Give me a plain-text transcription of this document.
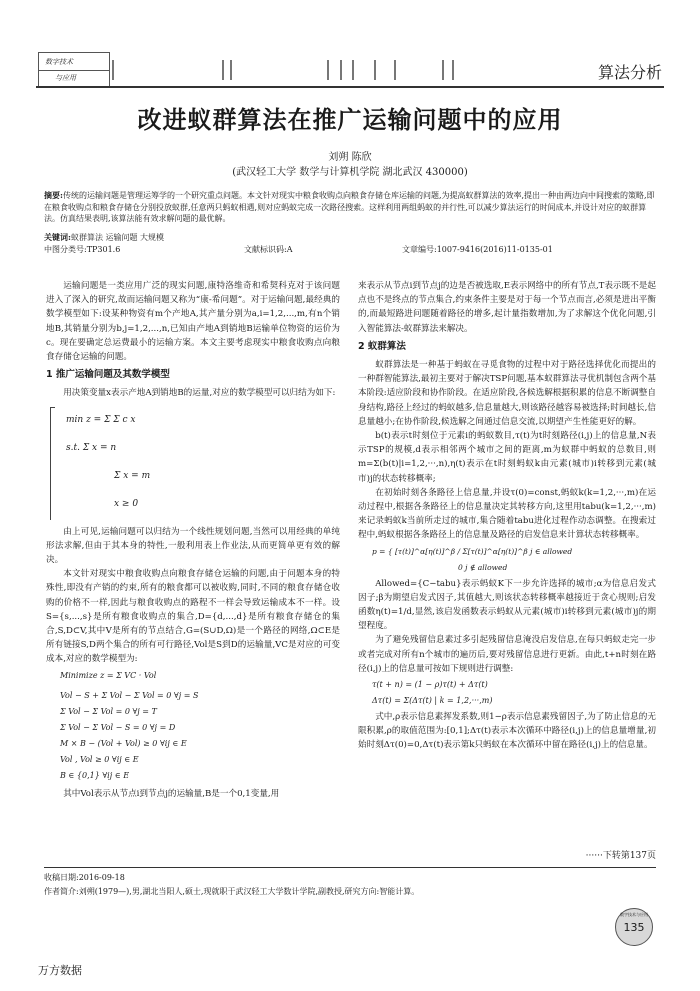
数字技术
与应用	算法分析
改进蚁群算法在推广运输问题中的应用
刘朔 陈欣
(武汉轻工大学 数学与计算机学院 湖北武汉 430000)
摘要:传统的运输问题是管理运筹学的一个研究重点问题。本文针对现实中粮食收购点向粮食存储仓库运输的问题,为提高蚁群算法的效率,提出一种由两边向中间搜索的策略,即在粮食收购点和粮食存储仓分别投放蚁群,任意两只蚂蚁相遇,则对应蚂蚁完成一次路径搜索。这样利用两组蚂蚁的并行性,可以减少算法运行的时间成本,并设计对应的蚁群算法。仿真结果表明,该算法能有效求解问题的最优解。
关键词:蚁群算法 运输问题 大规模
中图分类号:TP301.6	文献标识码:A	文章编号:1007-9416(2016)11-0135-01

运输问题是一类应用广泛的现实问题,康特洛维奇和希契科克对于该问题进入了深入的研究,故而运输问题又称为“康-希问题”。对于运输问题,最经典的数学模型如下:设某种物资有m个产地A,其产量分别为a,i=1,2,...,m,有n个销地B,其销量分别为b,j=1,2,...,n,已知由产地A到销地B运输单位物资的运价为c。现在要确定总运费最小的运输方案。本文主要考虑现实中粮食收购点向粮食存储仓运输的问题。

1 推广运输问题及其数学模型

用决策变量x表示产地A到销地B的运量,对应的数学模型可以归结为如下:

min z = Σ Σ c x
s.t. Σ x = n
Σ x = m
x ≥ 0

由上可见,运输问题可以归结为一个线性规划问题,当然可以用经典的单纯形法求解,但由于其本身的特性,一般利用表上作业法,从而更简单更有效的解决。

本文针对现实中粮食收购点向粮食存储仓运输的问题,由于问题本身的特殊性,即没有产销的约束,所有的粮食都可以被收购,同时,不同的粮食存储仓收购的价格不一样,因此与粮食收购点的路程不一样会导致运输成本不一样。设S={s,...,s}是所有粮食收购点的集合,D={d,...,d}是所有粮食存储仓的集合,S,D⊂V,其中V是所有的节点结合,G=(S∪D,Ω)是一个路径的网络,Ω⊂E是所有链接S,D两个集合的所有可行路径,Vol是S到D的运输量,VC是对应的可变成本,对应的数学模型为:

Minimize z = Σ VC · Vol
Vol − S + Σ Vol − Σ Vol = 0 ∀j = S
Σ Vol − Σ Vol = 0 ∀j = T
Σ Vol − Σ Vol − S = 0 ∀j = D
M × B − (Vol + Vol) ≥ 0 ∀ij ∈ E
Vol , Vol ≥ 0 ∀ij ∈ E
B ∈ {0,1} ∀ij ∈ E

其中Vol表示从节点i到节点j的运输量,B是一个0,1变量,用

来表示从节点i到节点j的边是否被选取,E表示网络中的所有节点,T表示既不是起点也不是终点的节点集合,约束条件主要是对于每一个节点而言,必须是进出平衡的,而最短路进问题随着路径的增多,起计量指数增加,为了求解这个优化问题,引入智能算法-蚁群算法来解决。

2 蚁群算法

蚁群算法是一种基于蚂蚁在寻觅食物的过程中对于路径选择优化而提出的一种群智能算法,最初主要对于解决TSP问题,基本蚁群算法寻优机制包含两个基本阶段:适应阶段和协作阶段。在适应阶段,各候选解根据积累的信息不断调整自身结构,路径上经过的蚂蚁越多,信息量越大,则该路径越容易被选择;时间越长,信息量越小;在协作阶段,候选解之间通过信息交流,以期望产生性能更好的解。

b(t)表示t时刻位于元素i的蚂蚁数目,τ(t)为t时刻路径(i,j)上的信息量,N表示TSP的规模,d表示相邻两个城市之间的距离,m为蚁群中蚂蚁的总数目,则m=Σ(b(t)|i=1,2,···,n),η(t)表示在t时刻蚂蚁k由元素(城市)i转移到元素(城市)j的状态转移概率;

在初始时刻各条路径上信息量,并设τ(0)=const,蚂蚁k(k=1,2,···,m)在运动过程中,根据各条路径上的信息量决定其转移方向,这里用tabu(k=1,2,···,m)来记录蚂蚁k当前所走过的城市,集合随着tabu进化过程作动态调整。在搜索过程中,蚂蚁根据各条路径上的信息量及路径的启发信息来计算状态转移概率。

p = { [τ(t)]^α[η(t)]^β / Σ[τ(t)]^α[η(t)]^β j ∈ allowed
0 j ∉ allowed

Allowed={C−tabu}表示蚂蚁K下一步允许选择的城市;α为信息启发式因子;β为期望启发式因子,其值越大,则该状态转移概率越接近于贪心规则;启发函数η(t)=1/d,显然,该启发函数表示蚂蚁从元素(城市)i转移到元素(城市)j的期望程度。

为了避免残留信息素过多引起残留信息淹没启发信息,在每只蚂蚁走完一步或者完成对所有n个城市的遍历后,要对残留信息进行更新。由此,t+n时刻在路径(i,j)上的信息量可按如下规则进行调整:

τ(t + n) = (1 − ρ)τ(t) + Δτ(t)
Δτ(t) = Σ(Δτ(t) | k = 1,2,···,m)

式中,ρ表示信息素挥发系数,则1−ρ表示信息素残留因子,为了防止信息的无限积累,ρ的取值范围为:[0,1];Δτ(t)表示本次循环中路径(i,j)上的信息量增量,初始时刻Δτ(0)=0,Δτ(t)表示第k只蚂蚁在本次循环中留在路径(i,j)上的信息量。

······下转第137页
收稿日期:2016-09-18
作者简介:刘朔(1979—),男,湖北当阳人,硕士,现就职于武汉轻工大学数计学院,副教授,研究方向:智能计算。
数字技术与应用
135
万方数据
